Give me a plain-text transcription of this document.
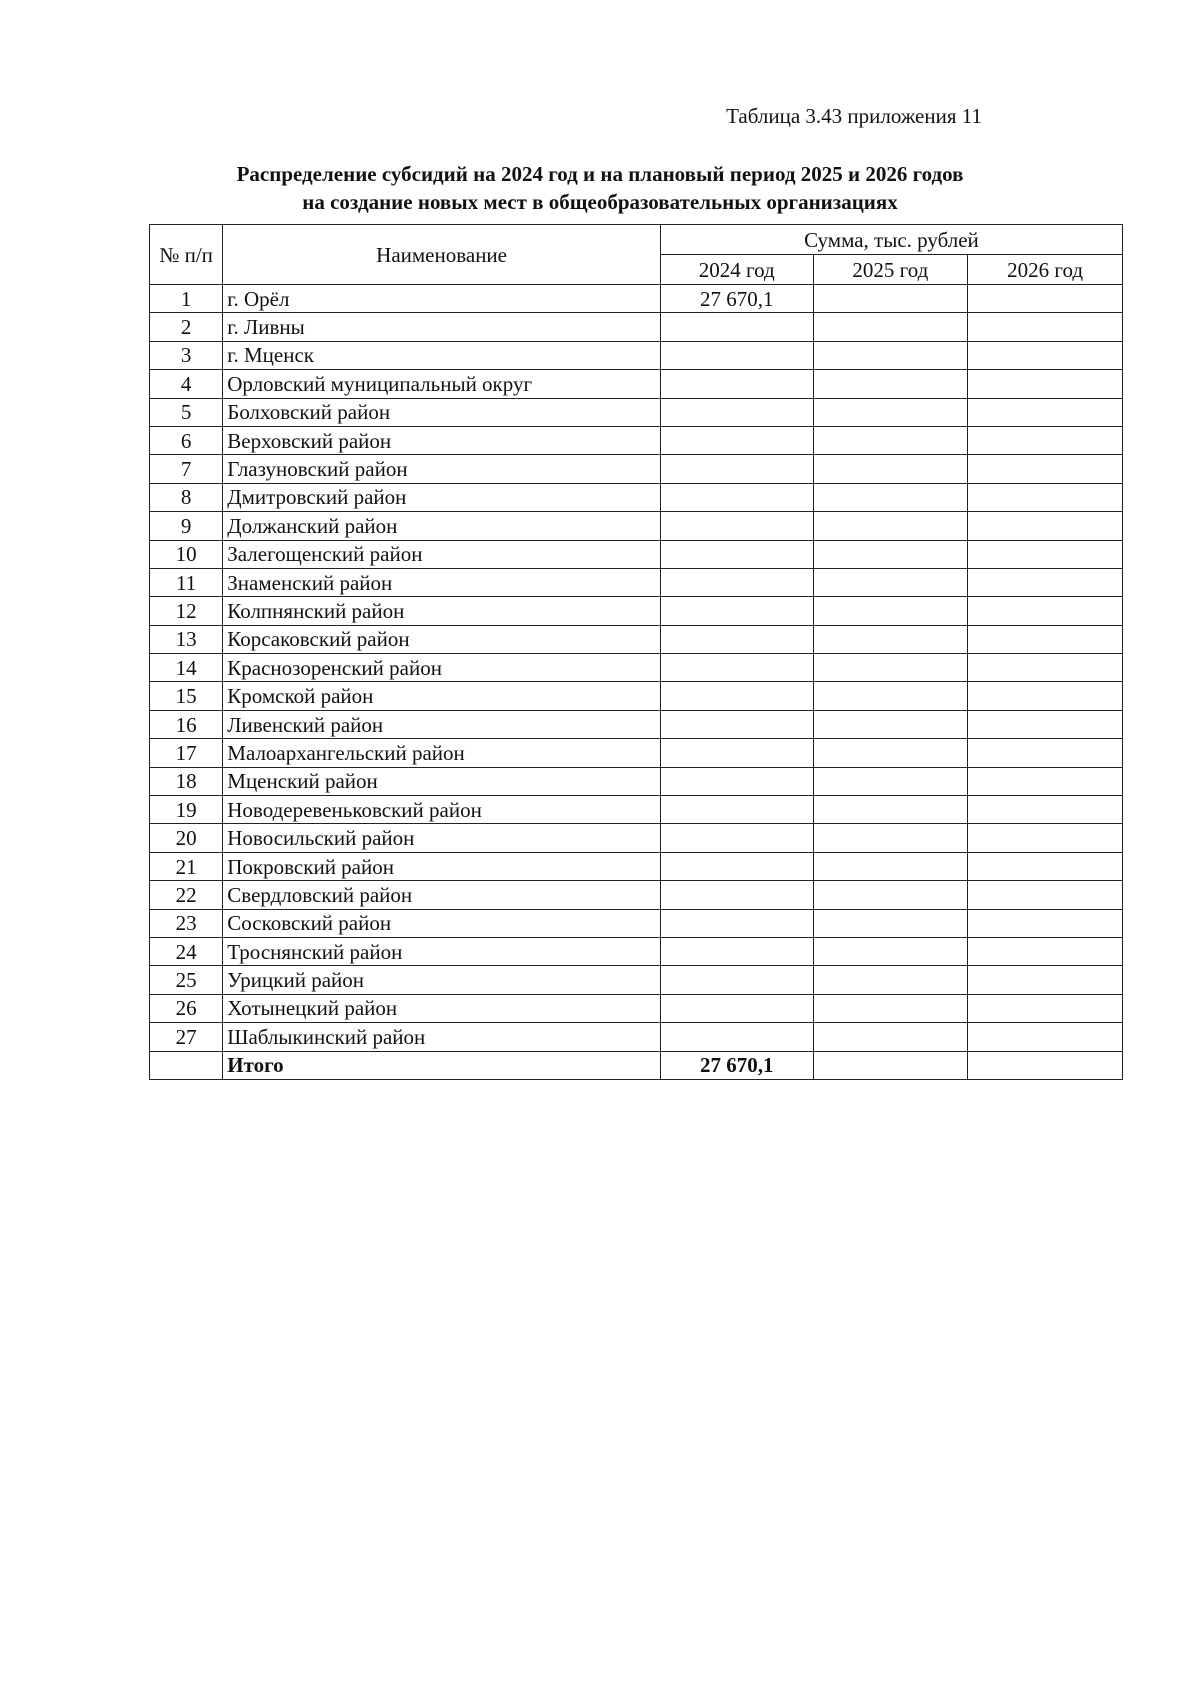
Таблица 3.43 приложения 11
Распределение субсидий на 2024 год и на плановый период 2025 и 2026 годов
на создание новых мест в общеобразовательных организациях
№ п/п	Наименование	Сумма, тыс. рублей		
		2024 год	2025 год	2026 год
1	г. Орёл	27 670,1		
2	г. Ливны			
3	г. Мценск			
4	Орловский муниципальный округ			
5	Болховский район			
6	Верховский район			
7	Глазуновский район			
8	Дмитровский район			
9	Должанский район			
10	Залегощенский район			
11	Знаменский район			
12	Колпнянский район			
13	Корсаковский район			
14	Краснозоренский район			
15	Кромской район			
16	Ливенский район			
17	Малоархангельский район			
18	Мценский район			
19	Новодеревеньковский район			
20	Новосильский район			
21	Покровский район			
22	Свердловский район			
23	Сосковский район			
24	Троснянский район			
25	Урицкий район			
26	Хотынецкий район			
27	Шаблыкинский район			
	Итого	27 670,1		
